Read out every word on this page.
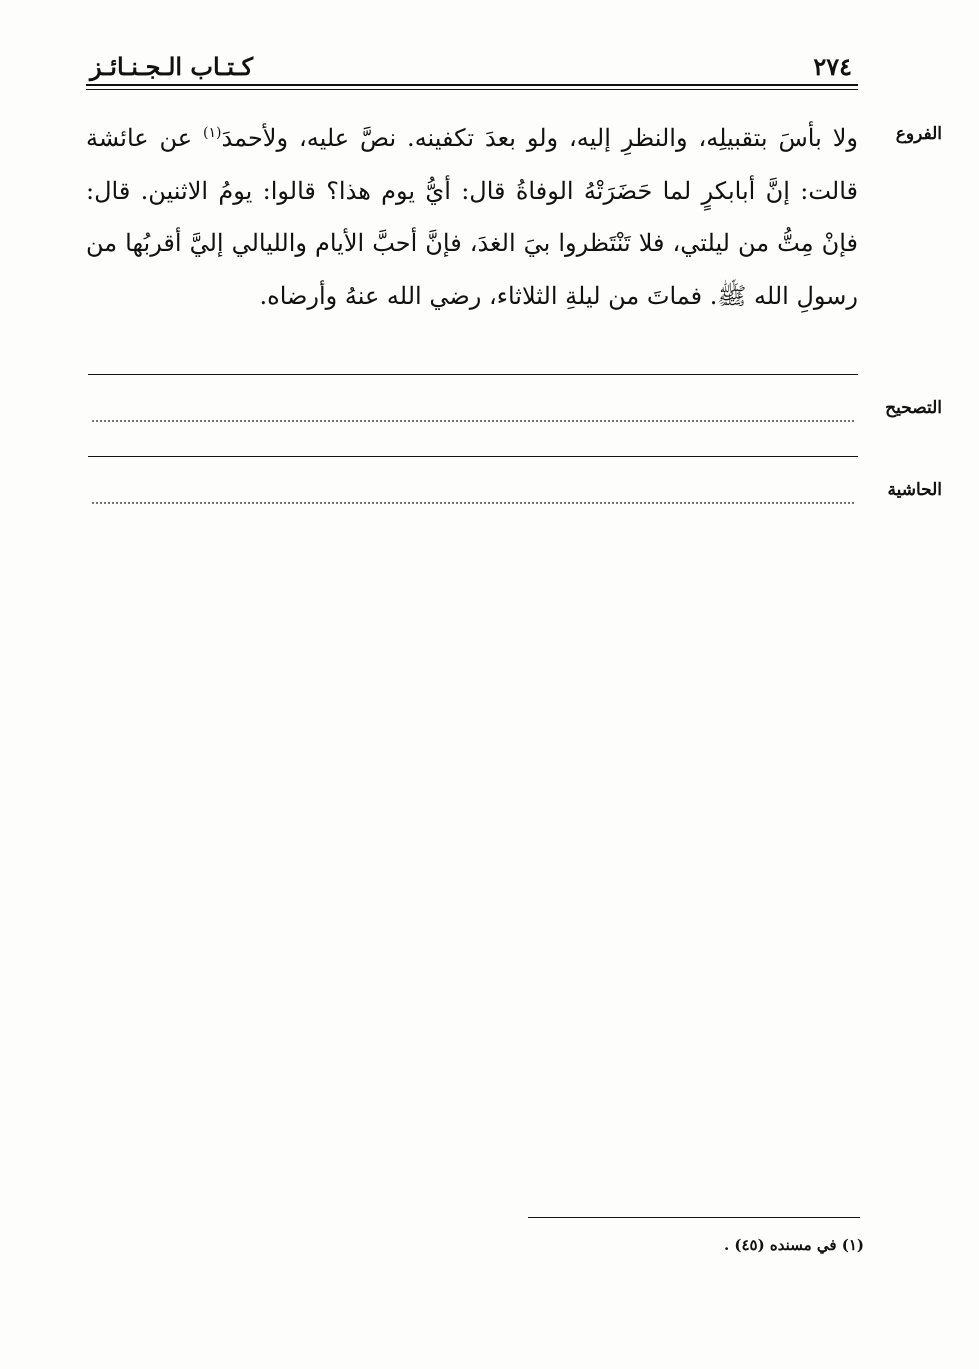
٢٧٤
كـتـاب الـجـنـائـز
الفروع

ولا بأسَ بتقبيلِه، والنظرِ إليه، ولو بعدَ تكفينه. نصَّ عليه، ولأحمدَ$^{(١)}$ عن عائشة قالت: إنَّ أبابكرٍ لما حَضَرَتْهُ الوفاةُ قال: أيُّ يوم هذا؟ قالوا: يومُ الاثنين. قال: فإنْ مِتُّ من ليلتي، فلا تَنْتَظروا بيَ الغدَ، فإنَّ أحبَّ الأيام والليالي إليَّ أقربُها من رسولِ الله ﷺ. فماتَ من ليلةِ الثلاثاء، رضي الله عنهُ وأرضاه.

التصحيح
الحاشية
(١) في مسنده (٤٥) .
